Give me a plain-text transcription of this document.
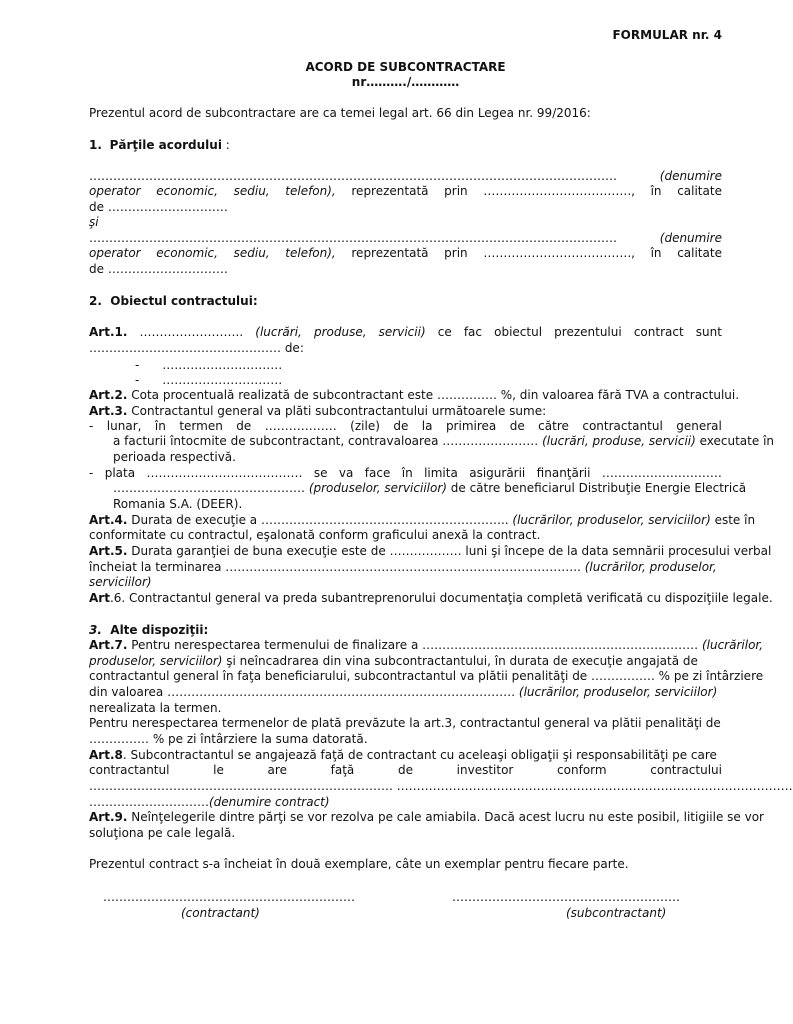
FORMULAR nr. 4
ACORD DE SUBCONTRACTARE
nr………./…………
Prezentul acord de subcontractare are ca temei legal art. 66 din Legea nr. 99/2016:
1. Părţile acordului :
……………………………………………………………………………………………………………………	(denumire
operator economic, sediu, telefon), reprezentată prin ………………………………., în calitate
de …………………………
şi
……………………………………………………………………………………………………………………	(denumire
operator economic, sediu, telefon), reprezentată prin ………………………………., în calitate
de …………………………
2. Obiectul contractului:
Art.1. …………………….. (lucrări, produse, servicii) ce fac obiectul prezentului contract sunt
………………………………………… de:
-      …………………………
-      …………………………
Art.2. Cota procentuală realizată de subcontractant este …………… %, din valoarea fără TVA a contractului.
Art.3. Contractantul general va plăti subcontractantului următoarele sume:
- lunar, în termen de ……………… (zile) de la primirea de către contractantul general
a facturii întocmite de subcontractant, contravaloarea …………………… (lucrări, produse, servicii) executate în
perioada respectivă.
- plata ………………………………… se va face în limita asigurării finanţării …………………………
………………………………………… (produselor, serviciilor) de către beneficiarul Distribuţie Energie Electrică
Romania S.A. (DEER).
Art.4. Durata de execuţie a …………………………………………………….. (lucrărilor, produselor, serviciilor) este în
conformitate cu contractul, eşalonată conform graficului anexă la contract.
Art.5. Durata garanţiei de buna execuţie este de ……………… luni şi începe de la data semnării procesului verbal
încheiat la terminarea …………………………………………………………………………….. (lucrărilor, produselor,
serviciilor)
Art.6. Contractantul general va preda subantreprenorului documentaţia completă verificată cu dispoziţiile legale.
3. Alte dispoziţii:
Art.7. Pentru nerespectarea termenului de finalizare a …………………………………………………………… (lucrărilor,
produselor, serviciilor) şi neîncadrarea din vina subcontractantului, în durata de execuţie angajată de
contractantul general în faţa beneficiarului, subcontractantul va plătii penalităţi de ……………. % pe zi întârziere
din valoarea …………………………………………………………………………… (lucrărilor, produselor, serviciilor)
nerealizata la termen.
Pentru nerespectarea termenelor de plată prevăzute la art.3, contractantul general va plătii penalităţi de
…………… % pe zi întârziere la suma datorată.
Art.8. Subcontractantul se angajează faţă de contractant cu aceleaşi obligaţii şi responsabilităţi pe care
contractantul	le	are	faţă	de	investitor	conform	contractului
…………………………………………………………………. ………………………………………………………………………………………
…………………………(denumire contract)
Art.9. Neînţelegerile dintre părţi se vor rezolva pe cale amiabila. Dacă acest lucru nu este posibil, litigiile se vor
soluţiona pe cale legală.
Prezentul contract s-a încheiat în două exemplare, câte un exemplar pentru fiecare parte.
………………………………………………………
(contractant)
…………………………………………………
(subcontractant)
